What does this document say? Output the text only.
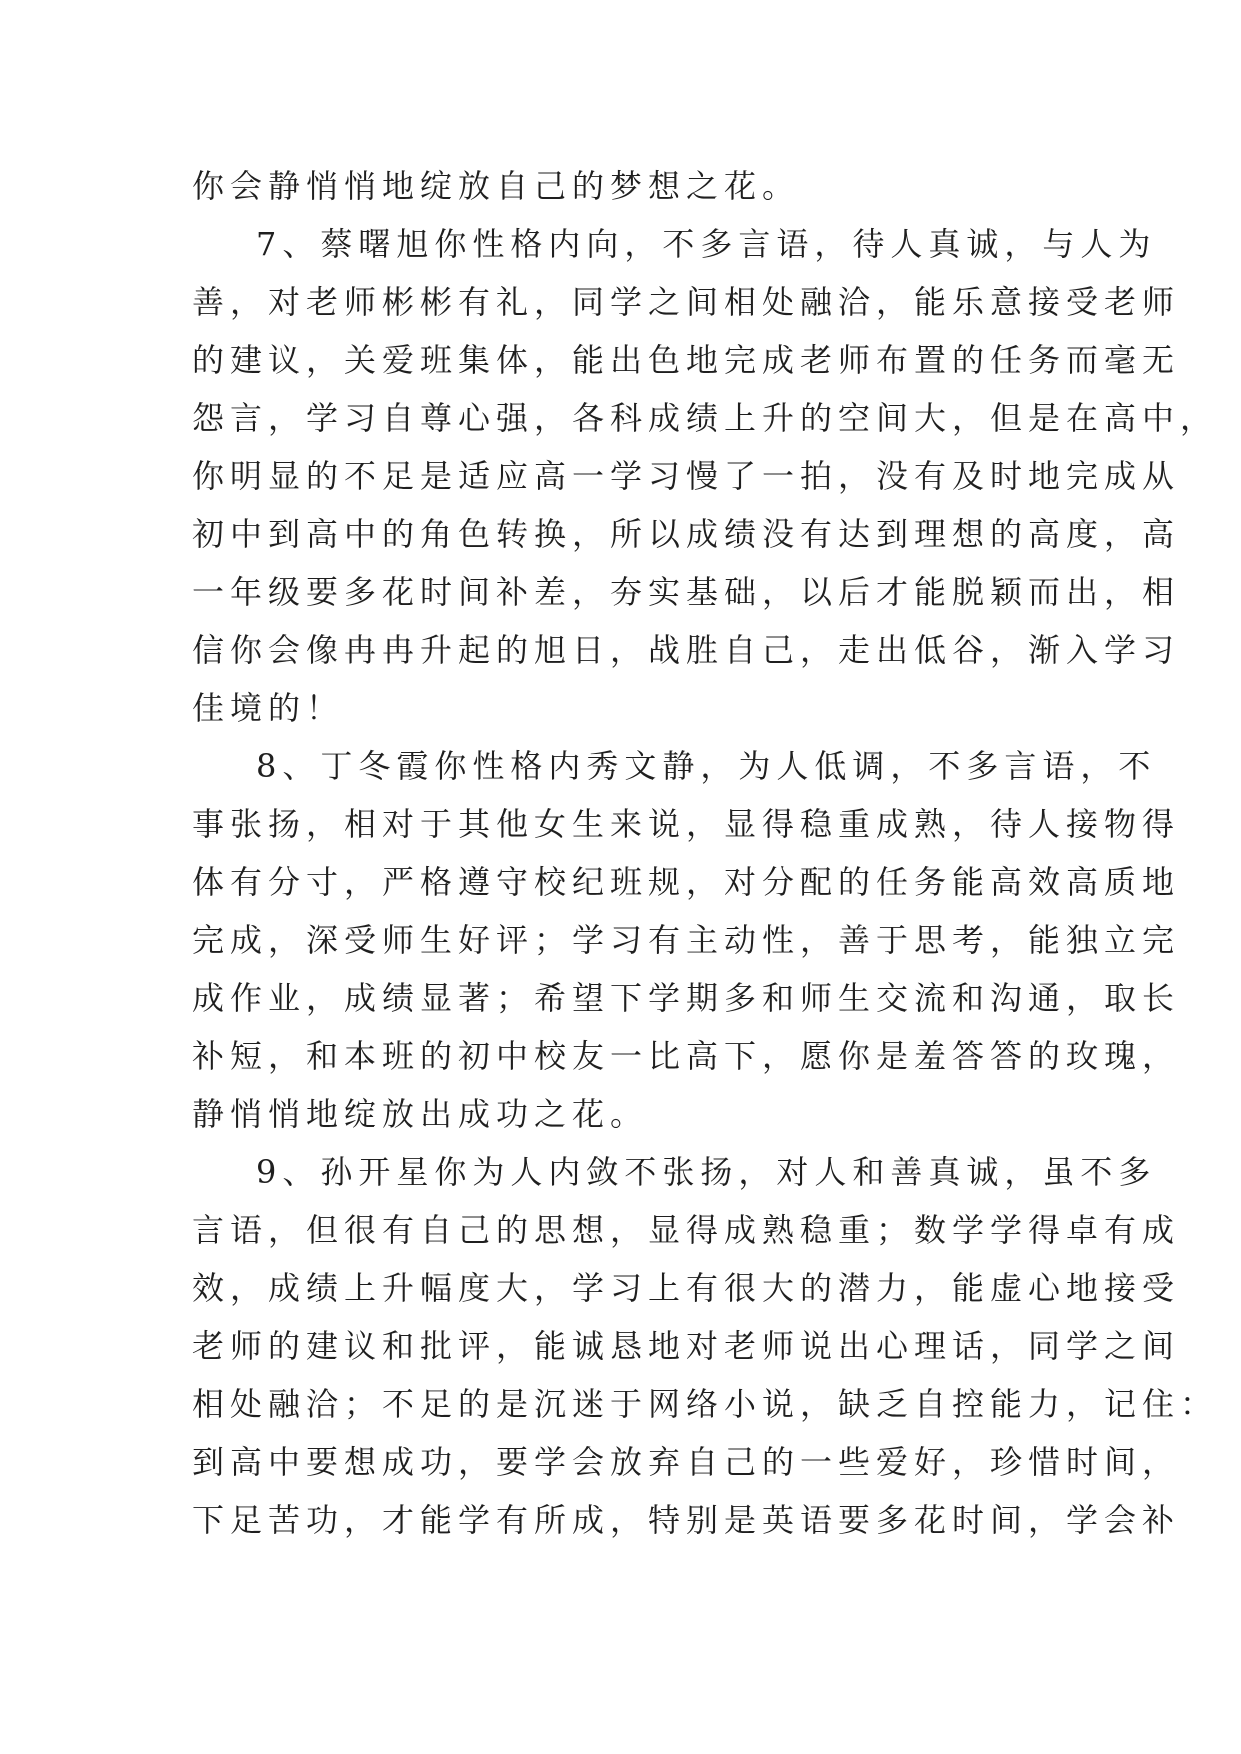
你会静悄悄地绽放自己的梦想之花。
7、蔡曙旭你性格内向，不多言语，待人真诚，与人为
善，对老师彬彬有礼，同学之间相处融洽，能乐意接受老师
的建议，关爱班集体，能出色地完成老师布置的任务而毫无
怨言，学习自尊心强，各科成绩上升的空间大，但是在高中，
你明显的不足是适应高一学习慢了一拍，没有及时地完成从
初中到高中的角色转换，所以成绩没有达到理想的高度，高
一年级要多花时间补差，夯实基础，以后才能脱颖而出，相
信你会像冉冉升起的旭日，战胜自己，走出低谷，渐入学习
佳境的！
8、丁冬霞你性格内秀文静，为人低调，不多言语，不
事张扬，相对于其他女生来说，显得稳重成熟，待人接物得
体有分寸，严格遵守校纪班规，对分配的任务能高效高质地
完成，深受师生好评；学习有主动性，善于思考，能独立完
成作业，成绩显著；希望下学期多和师生交流和沟通，取长
补短，和本班的初中校友一比高下，愿你是羞答答的玫瑰，
静悄悄地绽放出成功之花。
9、孙开星你为人内敛不张扬，对人和善真诚，虽不多
言语，但很有自己的思想，显得成熟稳重；数学学得卓有成
效，成绩上升幅度大，学习上有很大的潜力，能虚心地接受
老师的建议和批评，能诚恳地对老师说出心理话，同学之间
相处融洽；不足的是沉迷于网络小说，缺乏自控能力，记住：
到高中要想成功，要学会放弃自己的一些爱好，珍惜时间，
下足苦功，才能学有所成，特别是英语要多花时间，学会补
